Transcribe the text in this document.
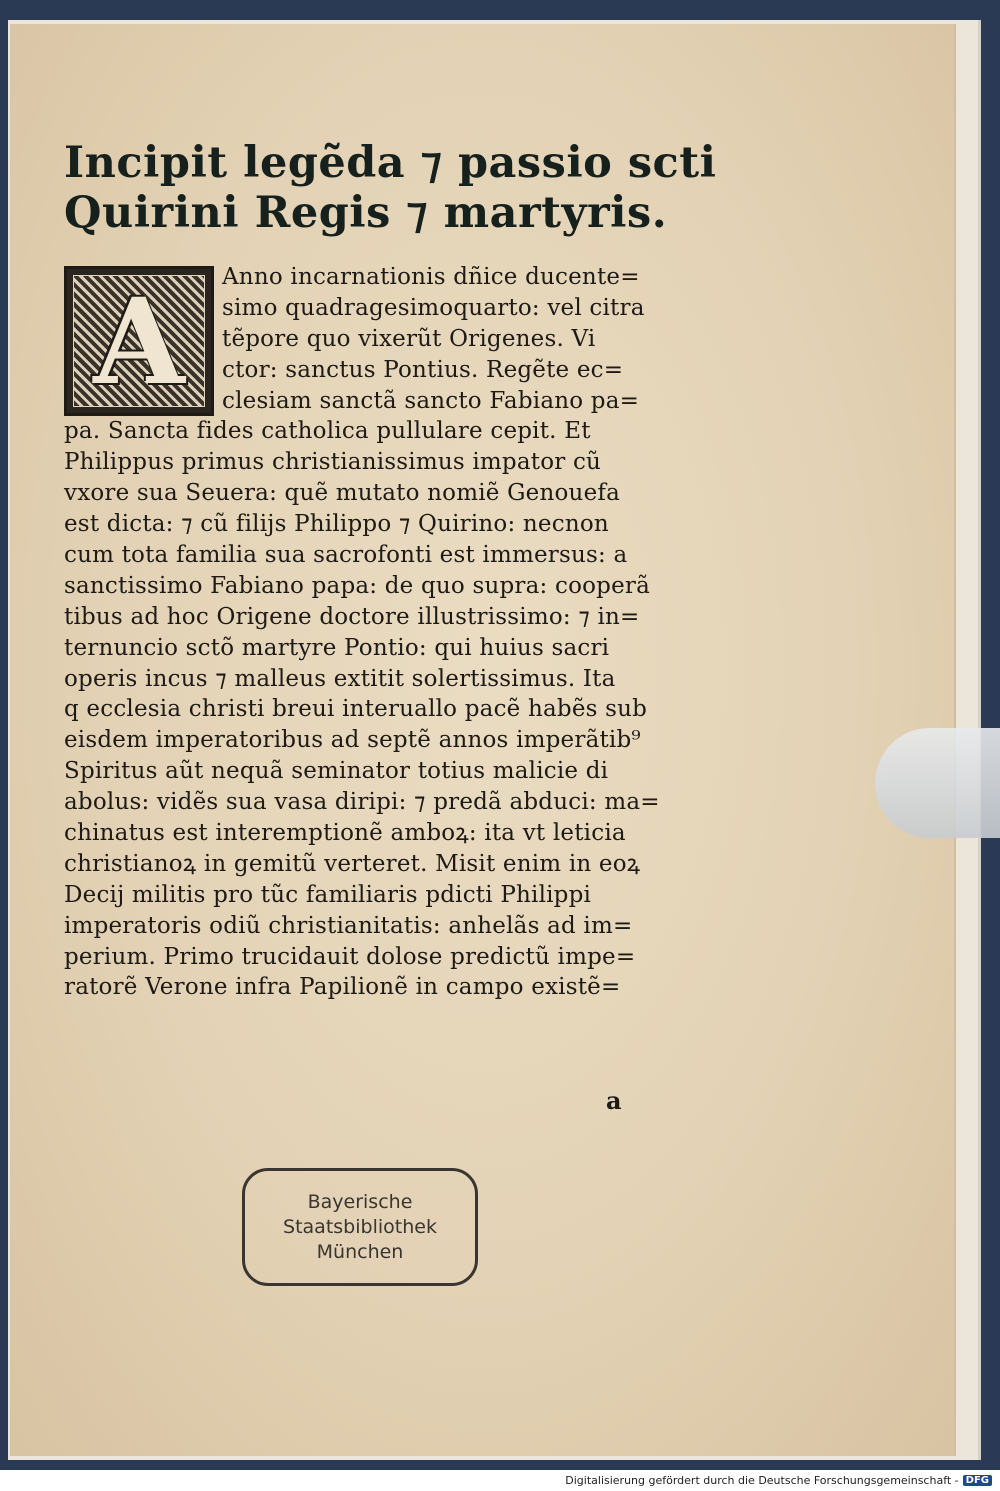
Incipit legẽda ⁊ passio scti
Quirini Regis ⁊ martyris.
A	Anno incarnationis dñice ducente=
simo quadragesimoquarto: vel citra
tẽpore quo vixerũt Origenes. Vi
ctor: sanctus Pontius. Regẽte ec=
clesiam sanctã sancto Fabiano pa=
pa. Sancta fides catholica pullulare cepit. Et
Philippus primus christianissimus impator cũ
vxore sua Seuera: quẽ mutato nomiẽ Genouefa
est dicta: ⁊ cũ filijs Philippo ⁊ Quirino: necnon
cum tota familia sua sacrofonti est immersus: a
sanctissimo Fabiano papa: de quo supra: cooperã
tibus ad hoc Origene doctore illustrissimo: ⁊ in=
ternuncio sctõ martyre Pontio: qui huius sacri
operis incus ⁊ malleus extitit solertissimus. Ita
q ecclesia christi breui interuallo pacẽ habẽs sub
eisdem imperatoribus ad septẽ annos imperãtib⁹
Spiritus aũt nequã seminator totius malicie di
abolus: vidẽs sua vasa diripi: ⁊ predã abduci: ma=
chinatus est interemptionẽ amboꝝ: ita vt leticia
christianoꝝ in gemitũ verteret. Misit enim in eoꝝ
Decij militis pro tũc familiaris pdicti Philippi
imperatoris odiũ christianitatis: anhelãs ad im=
perium. Primo trucidauit dolose predictũ impe=
ratorẽ Verone infra Papilionẽ in campo existẽ=
a
Bayerische
Staatsbibliothek
München
Digitalisierung gefördert durch die Deutsche Forschungsgemeinschaft - DFG
